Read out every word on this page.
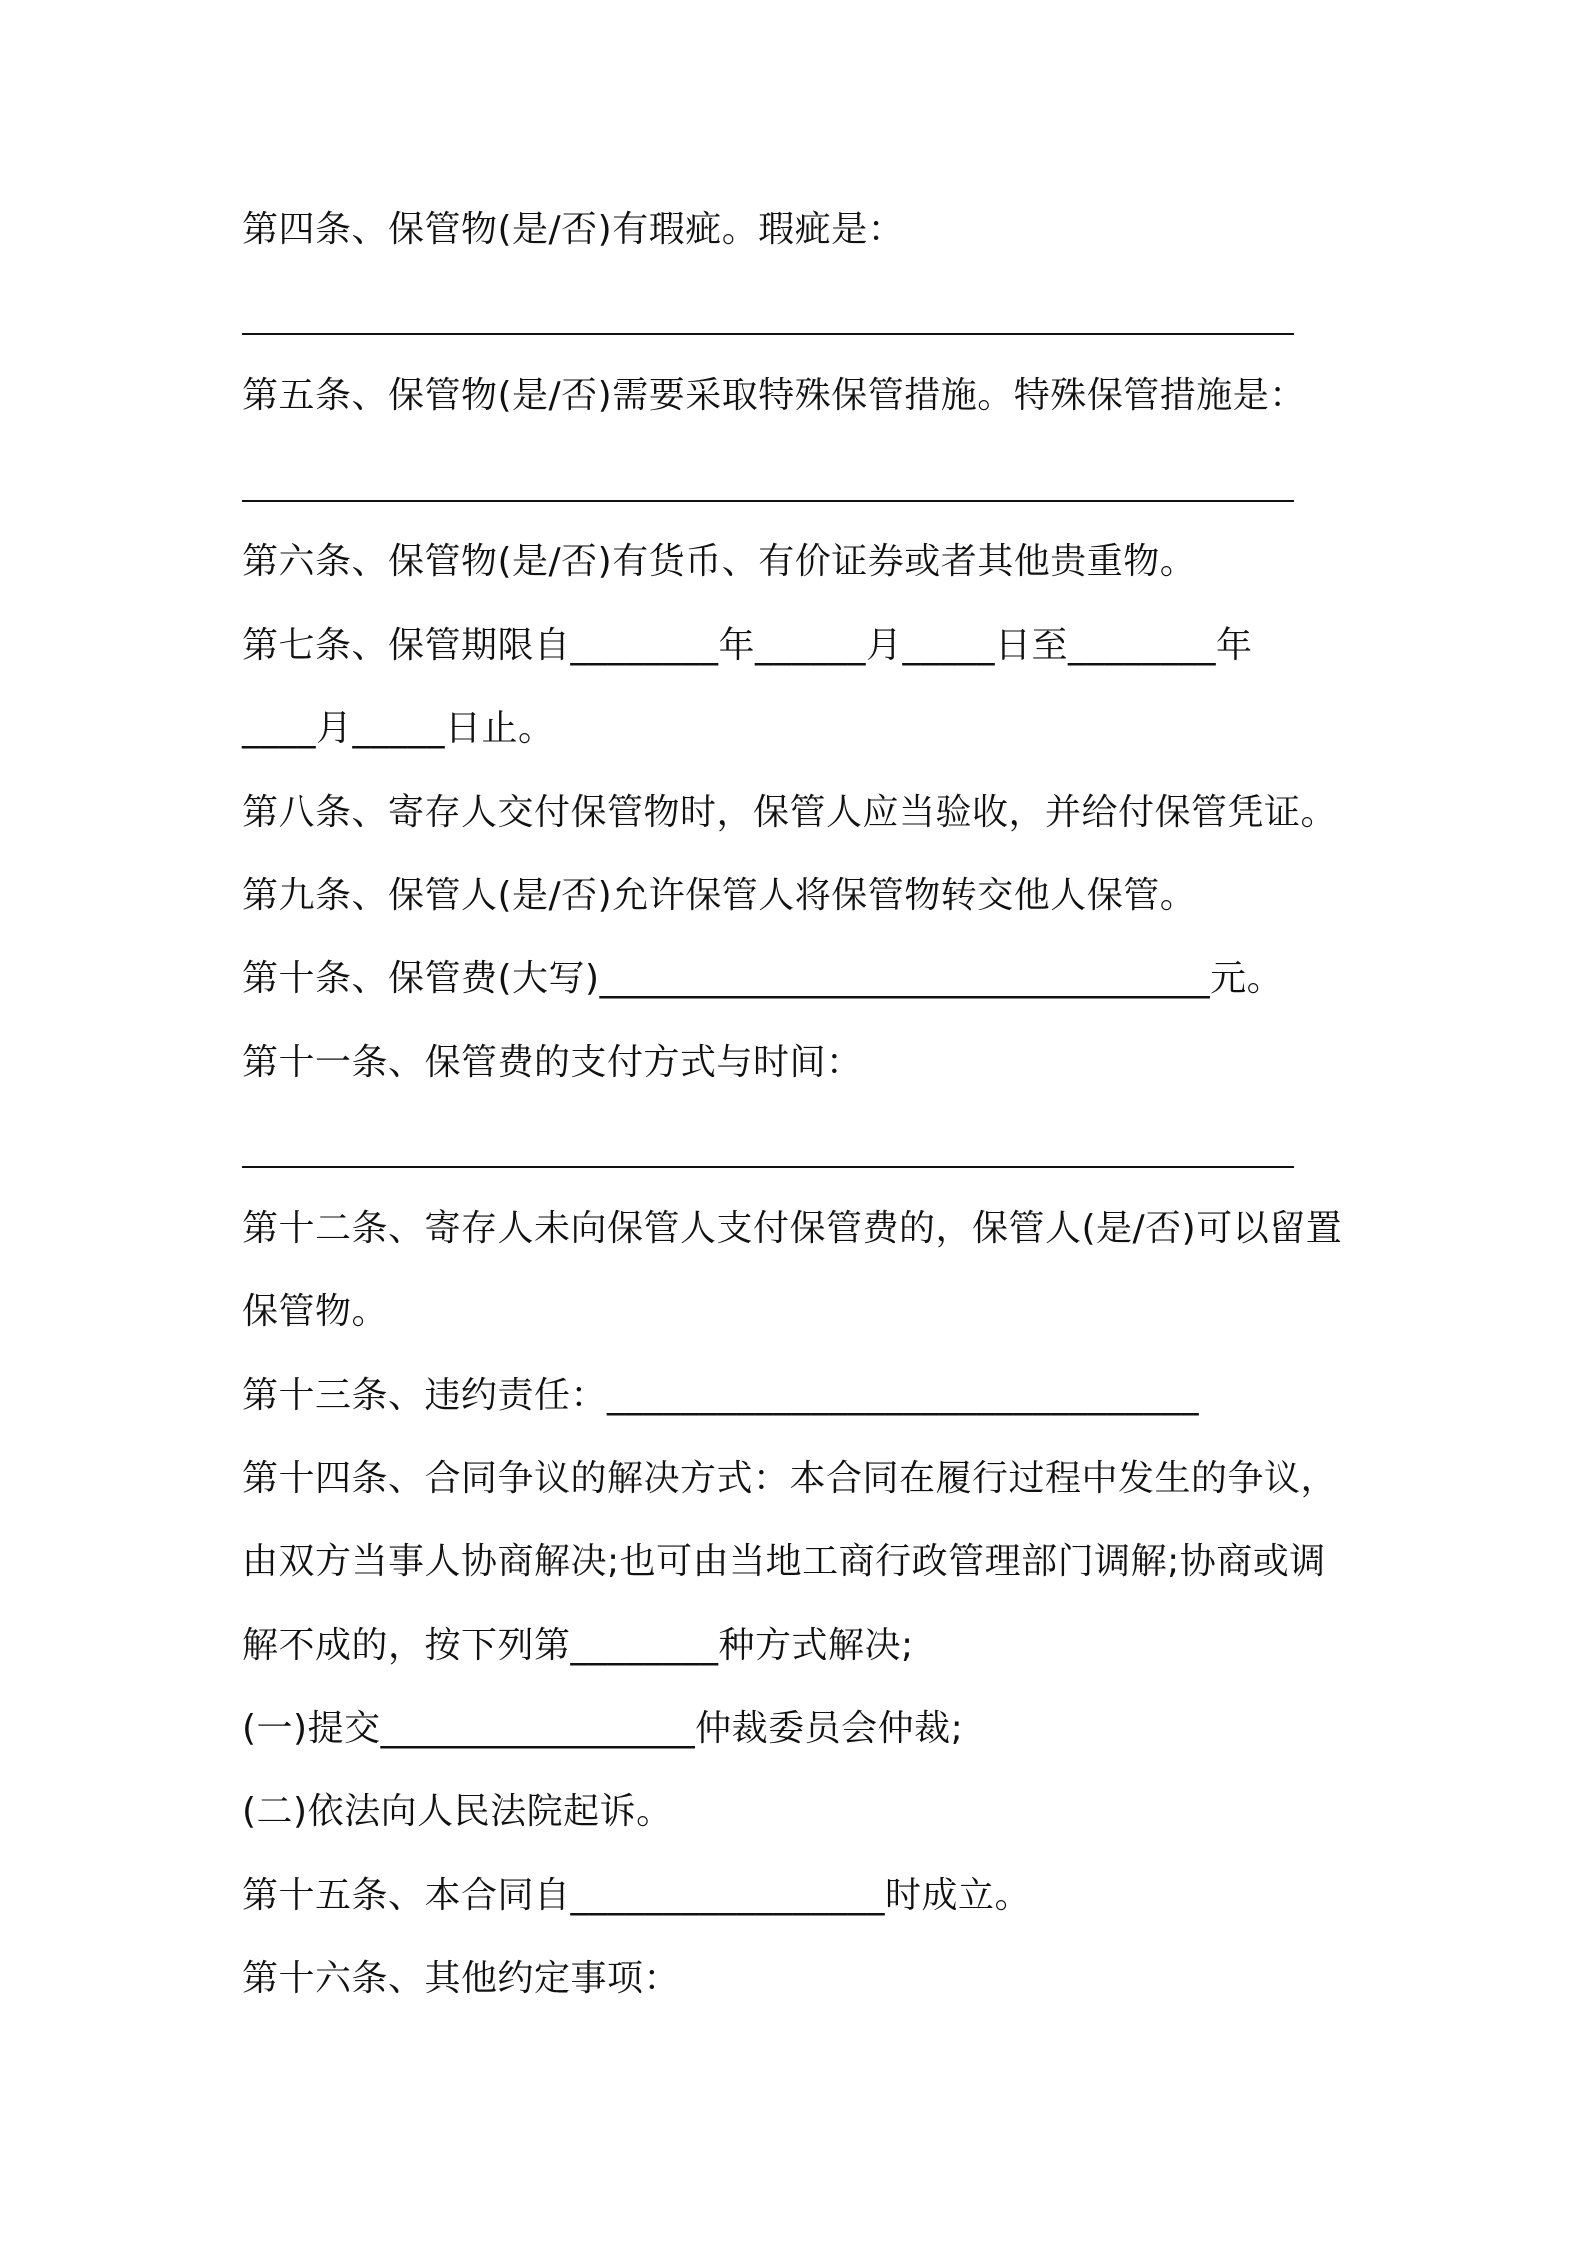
第四条、保管物(是/否)有瑕疵。瑕疵是：

第五条、保管物(是/否)需要采取特殊保管措施。特殊保管措施是：

第六条、保管物(是/否)有货币、有价证券或者其他贵重物。

第七条、保管期限自________年______月_____日至________年

____月_____日止。

第八条、寄存人交付保管物时，保管人应当验收，并给付保管凭证。

第九条、保管人(是/否)允许保管人将保管物转交他人保管。

第十条、保管费(大写)_________________________________元。

第十一条、保管费的支付方式与时间：

第十二条、寄存人未向保管人支付保管费的，保管人(是/否)可以留置

保管物。

第十三条、违约责任：________________________________

第十四条、合同争议的解决方式：本合同在履行过程中发生的争议，

由双方当事人协商解决;也可由当地工商行政管理部门调解;协商或调

解不成的，按下列第________种方式解决;

(一)提交_________________仲裁委员会仲裁;

(二)依法向人民法院起诉。

第十五条、本合同自_________________时成立。

第十六条、其他约定事项：
